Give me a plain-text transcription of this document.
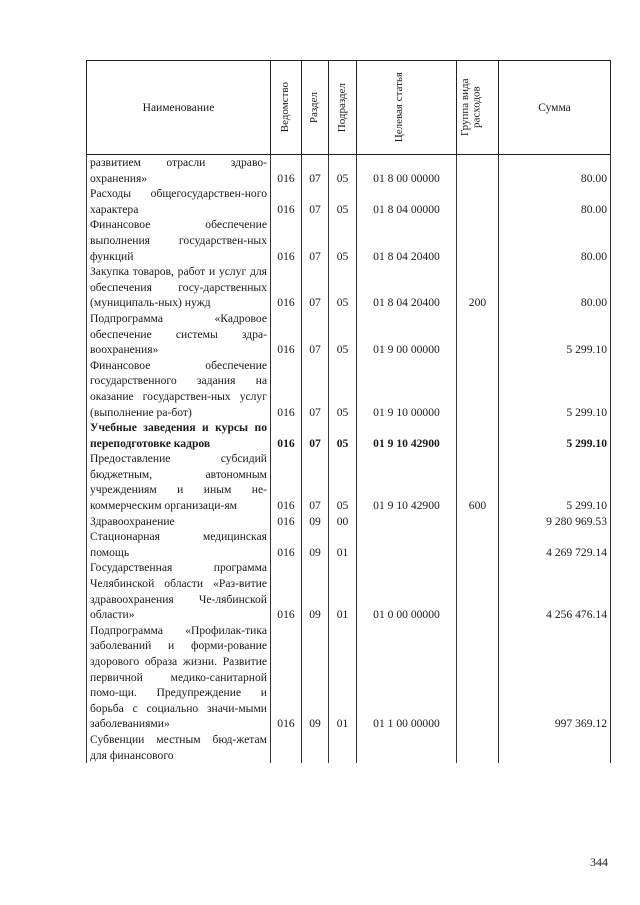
Наименование	Ведомство	Раздел	Подраздел	Целевая статья	Группа вида расходов	Сумма
развитием отрасли здраво-охранения»	016	07	05	01 8 00 00000		80.00
Расходы общегосударствен-ного характера	016	07	05	01 8 04 00000		80.00
Финансовое обеспечение выполнения государствен-ных функций	016	07	05	01 8 04 20400		80.00
Закупка товаров, работ и услуг для обеспечения госу-дарственных (муниципаль-ных) нужд	016	07	05	01 8 04 20400	200	80.00
Подпрограмма «Кадровое обеспечение системы здра-воохранения»	016	07	05	01 9 00 00000		5 299.10
Финансовое обеспечение государственного задания на оказание государствен-ных услуг (выполнение ра-бот)	016	07	05	01 9 10 00000		5 299.10
Учебные заведения и курсы по переподготовке кадров	016	07	05	01 9 10 42900		5 299.10
Предоставление субсидий бюджетным, автономным учреждениям и иным не-коммерческим организаци-ям	016	07	05	01 9 10 42900	600	5 299.10
Здравоохранение	016	09	00			9 280 969.53
Стационарная медицинская помощь	016	09	01			4 269 729.14
Государственная программа Челябинской области «Раз-витие здравоохранения Че-лябинской области»	016	09	01	01 0 00 00000		4 256 476.14
Подпрограмма «Профилак-тика заболеваний и форми-рование здорового образа жизни. Развитие первичной медико-санитарной помо-щи. Предупреждение и борьба с социально значи-мыми заболеваниями»	016	09	01	01 1 00 00000		997 369.12
Субвенции местным бюд-жетам для финансового						
344
